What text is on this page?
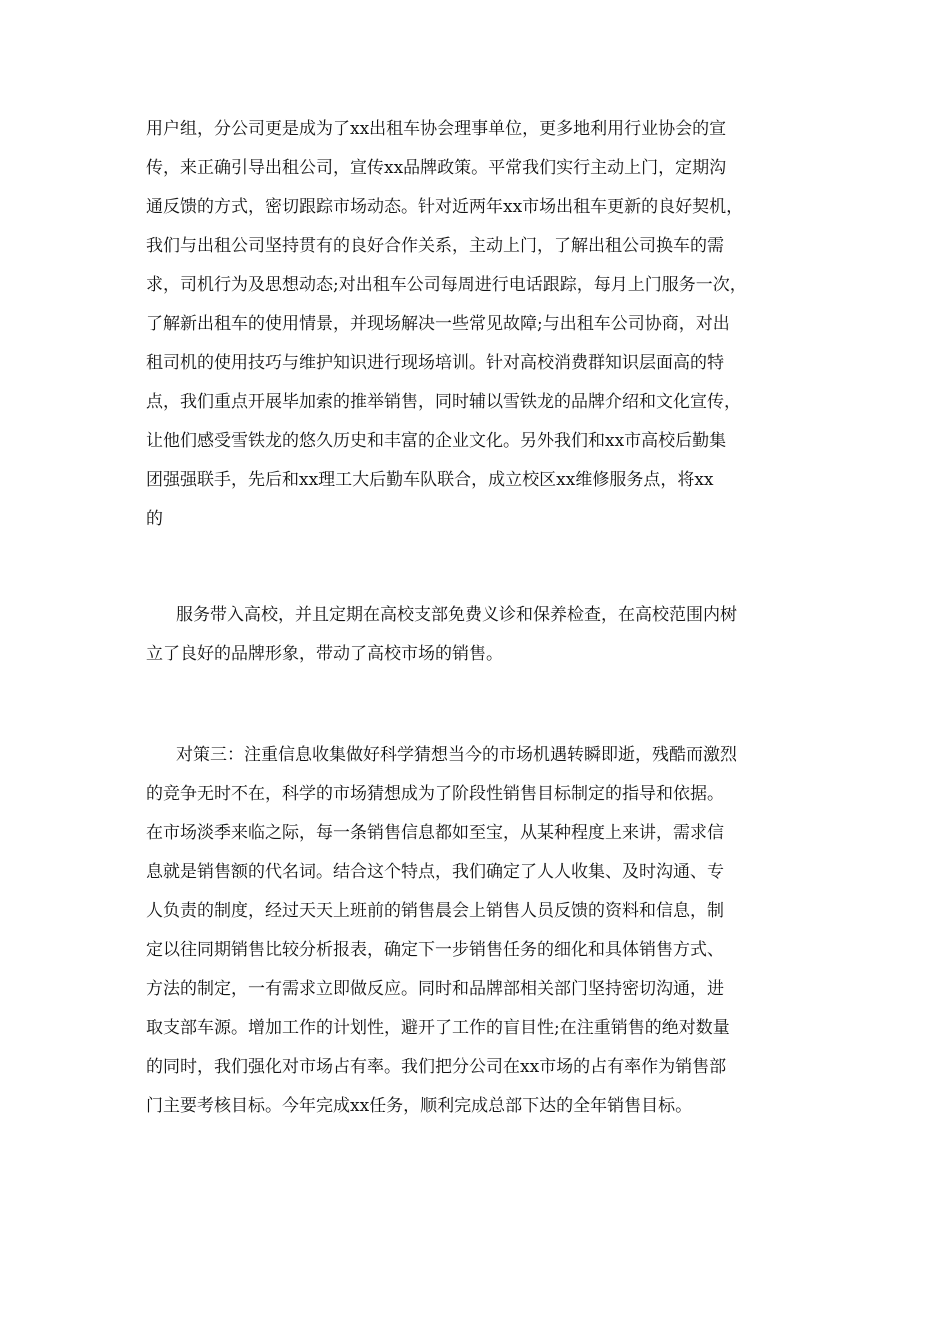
用户组，分公司更是成为了xx出租车协会理事单位，更多地利用行业协会的宣

传，来正确引导出租公司，宣传xx品牌政策。平常我们实行主动上门，定期沟

通反馈的方式，密切跟踪市场动态。针对近两年xx市场出租车更新的良好契机，

我们与出租公司坚持贯有的良好合作关系，主动上门，了解出租公司换车的需

求，司机行为及思想动态;对出租车公司每周进行电话跟踪，每月上门服务一次，

了解新出租车的使用情景，并现场解决一些常见故障;与出租车公司协商，对出

租司机的使用技巧与维护知识进行现场培训。针对高校消费群知识层面高的特

点，我们重点开展毕加索的推举销售，同时辅以雪铁龙的品牌介绍和文化宣传，

让他们感受雪铁龙的悠久历史和丰富的企业文化。另外我们和xx市高校后勤集

团强强联手，先后和xx理工大后勤车队联合，成立校区xx维修服务点，将xx

的

服务带入高校，并且定期在高校支部免费义诊和保养检查，在高校范围内树

立了良好的品牌形象，带动了高校市场的销售。

对策三：注重信息收集做好科学猜想当今的市场机遇转瞬即逝，残酷而激烈

的竞争无时不在，科学的市场猜想成为了阶段性销售目标制定的指导和依据。

在市场淡季来临之际，每一条销售信息都如至宝，从某种程度上来讲，需求信

息就是销售额的代名词。结合这个特点，我们确定了人人收集、及时沟通、专

人负责的制度，经过天天上班前的销售晨会上销售人员反馈的资料和信息，制

定以往同期销售比较分析报表，确定下一步销售任务的细化和具体销售方式、

方法的制定，一有需求立即做反应。同时和品牌部相关部门坚持密切沟通，进

取支部车源。增加工作的计划性，避开了工作的盲目性;在注重销售的绝对数量

的同时，我们强化对市场占有率。我们把分公司在xx市场的占有率作为销售部

门主要考核目标。今年完成xx任务，顺利完成总部下达的全年销售目标。
